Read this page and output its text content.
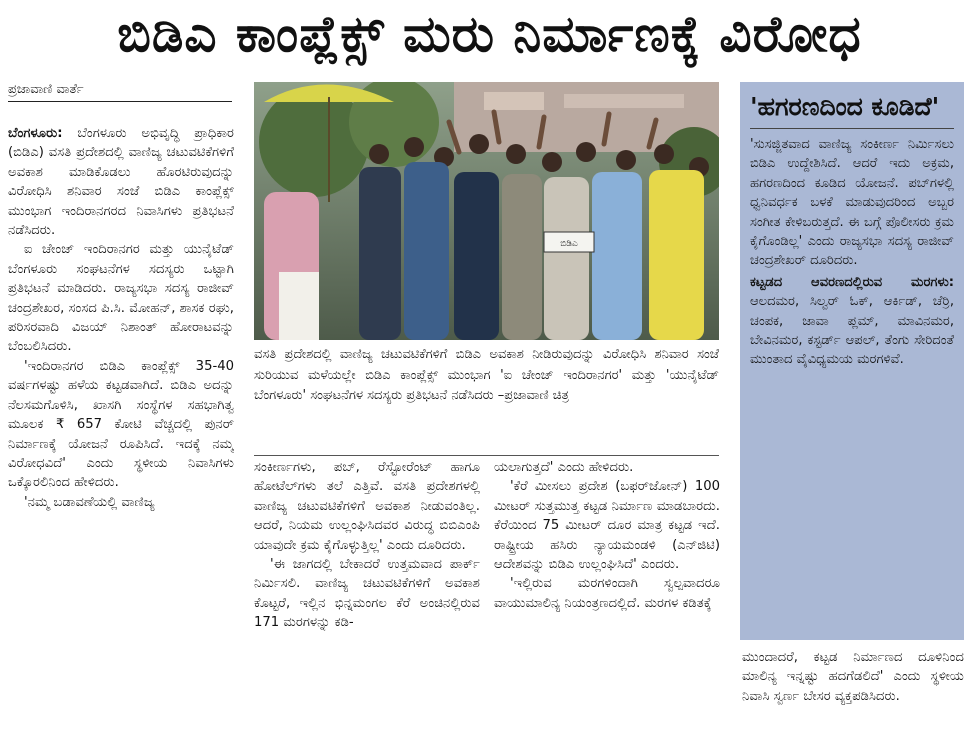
ಬಿಡಿಎ ಕಾಂಪ್ಲೆಕ್ಸ್ ಮರು ನಿರ್ಮಾಣಕ್ಕೆ ವಿರೋಧ
ಪ್ರಜಾವಾಣಿ ವಾರ್ತೆ

ಬೆಂಗಳೂರು: ಬೆಂಗಳೂರು ಅಭಿವೃದ್ಧಿ ಪ್ರಾಧಿಕಾರ (ಬಿಡಿಎ) ವಸತಿ ಪ್ರದೇಶದಲ್ಲಿ ವಾಣಿಜ್ಯ ಚಟುವಟಿಕೆಗಳಿಗೆ ಅವಕಾಶ ಮಾಡಿಕೊಡಲು ಹೊರಟಿರುವುದನ್ನು ವಿರೋಧಿಸಿ ಶನಿವಾರ ಸಂಜೆ ಬಿಡಿಎ ಕಾಂಪ್ಲೆಕ್ಸ್ ಮುಂಭಾಗ ಇಂದಿರಾನಗರದ ನಿವಾಸಿಗಳು ಪ್ರತಿಭಟನೆ ನಡೆಸಿದರು.

ಐ ಚೇಂಜ್ ಇಂದಿರಾನಗರ ಮತ್ತು ಯುನೈಟೆಡ್ ಬೆಂಗಳೂರು ಸಂಘಟನೆಗಳ ಸದಸ್ಯರು ಒಟ್ಟಾಗಿ ಪ್ರತಿಭಟನೆ ಮಾಡಿದರು. ರಾಜ್ಯಸಭಾ ಸದಸ್ಯ ರಾಜೀವ್ ಚಂದ್ರಶೇಖರ, ಸಂಸದ ಪಿ.ಸಿ. ಮೋಹನ್, ಶಾಸಕ ರಘು, ಪರಿಸರವಾದಿ ವಿಜಯ್ ನಿಶಾಂತ್ ಹೋರಾಟವನ್ನು ಬೆಂಬಲಿಸಿದರು.

'ಇಂದಿರಾನಗರ ಬಿಡಿಎ ಕಾಂಪ್ಲೆಕ್ಸ್ 35-40 ವರ್ಷಗಳಷ್ಟು ಹಳೆಯ ಕಟ್ಟಡವಾಗಿದೆ. ಬಿಡಿಎ ಅದನ್ನು ನೆಲಸಮಗೊಳಿಸಿ, ಖಾಸಗಿ ಸಂಸ್ಥೆಗಳ ಸಹಭಾಗಿತ್ವ ಮೂಲಕ ₹ 657 ಕೋಟಿ ವೆಚ್ಚದಲ್ಲಿ ಪುನರ್ ನಿರ್ಮಾಣಕ್ಕೆ ಯೋಜನೆ ರೂಪಿಸಿದೆ. ಇದಕ್ಕೆ ನಮ್ಮ ವಿರೋಧವಿದೆ' ಎಂದು ಸ್ಥಳೀಯ ನಿವಾಸಿಗಳು ಒಕ್ಕೊರಲಿನಿಂದ ಹೇಳಿದರು.

'ನಮ್ಮ ಬಡಾವಣೆಯಲ್ಲಿ ವಾಣಿಜ್ಯ

ಬಿಡಿಎ
ವಸತಿ ಪ್ರದೇಶದಲ್ಲಿ ವಾಣಿಜ್ಯ ಚಟುವಟಿಕೆಗಳಿಗೆ ಬಿಡಿಎ ಅವಕಾಶ ನೀಡಿರುವುದನ್ನು ವಿರೋಧಿಸಿ ಶನಿವಾರ ಸಂಜೆ ಸುರಿಯುವ ಮಳೆಯಲ್ಲೇ ಬಿಡಿಎ ಕಾಂಪ್ಲೆಕ್ಸ್ ಮುಂಭಾಗ 'ಐ ಚೇಂಜ್ ಇಂದಿರಾನಗರ' ಮತ್ತು 'ಯುನೈಟೆಡ್ ಬೆಂಗಳೂರು' ಸಂಘಟನೆಗಳ ಸದಸ್ಯರು ಪ್ರತಿಭಟನೆ ನಡೆಸಿದರು –ಪ್ರಜಾವಾಣಿ ಚಿತ್ರ

ಸಂಕೀರ್ಣಗಳು, ಪಬ್, ರೆಸ್ಟೋರೆಂಟ್ ಹಾಗೂ ಹೋಟೆಲ್‌ಗಳು ತಲೆ ಎತ್ತಿವೆ. ವಸತಿ ಪ್ರದೇಶಗಳಲ್ಲಿ ವಾಣಿಜ್ಯ ಚಟುವಟಿಕೆಗಳಿಗೆ ಅವಕಾಶ ನೀಡುವಂತಿಲ್ಲ. ಆದರೆ, ನಿಯಮ ಉಲ್ಲಂಘಿಸಿದವರ ವಿರುದ್ಧ ಬಿಬಿಎಂಪಿ ಯಾವುದೇ ಕ್ರಮ ಕೈಗೊಳ್ಳುತ್ತಿಲ್ಲ' ಎಂದು ದೂರಿದರು.

'ಈ ಜಾಗದಲ್ಲಿ ಬೇಕಾದರೆ ಉತ್ತಮವಾದ ಪಾರ್ಕ್ ನಿರ್ಮಿಸಲಿ. ವಾಣಿಜ್ಯ ಚಟುವಟಿಕೆಗಳಿಗೆ ಅವಕಾಶ ಕೊಟ್ಟರೆ, ಇಲ್ಲಿನ ಭಿನ್ನಮಂಗಲ ಕೆರೆ ಅಂಚಿನಲ್ಲಿರುವ 171 ಮರಗಳನ್ನು ಕಡಿ-

ಯಲಾಗುತ್ತದೆ' ಎಂದು ಹೇಳಿದರು.

'ಕೆರೆ ಮೀಸಲು ಪ್ರದೇಶ (ಬಫರ್‌ಜೋನ್) 100 ಮೀಟರ್ ಸುತ್ತಮುತ್ತ ಕಟ್ಟಡ ನಿರ್ಮಾಣ ಮಾಡಬಾರದು. ಕೆರೆಯಿಂದ 75 ಮೀಟರ್ ದೂರ ಮಾತ್ರ ಕಟ್ಟಡ ಇದೆ. ರಾಷ್ಟ್ರೀಯ ಹಸಿರು ನ್ಯಾಯಮಂಡಳಿ (ಎನ್‌ಜಿಟಿ) ಆದೇಶವನ್ನು ಬಿಡಿಎ ಉಲ್ಲಂಘಿಸಿದೆ' ಎಂದರು.

'ಇಲ್ಲಿರುವ ಮರಗಳಿಂದಾಗಿ ಸ್ವಲ್ಪವಾದರೂ ವಾಯುಮಾಲಿನ್ಯ ನಿಯಂತ್ರಣದಲ್ಲಿದೆ. ಮರಗಳ ಕಡಿತಕ್ಕೆ

'ಹಗರಣದಿಂದ ಕೂಡಿದೆ'

'ಸುಸಜ್ಜಿತವಾದ ವಾಣಿಜ್ಯ ಸಂಕೀರ್ಣ ನಿರ್ಮಿಸಲು ಬಿಡಿಎ ಉದ್ದೇಶಿಸಿದೆ. ಆದರೆ ಇದು ಅಕ್ರಮ, ಹಗರಣದಿಂದ ಕೂಡಿದ ಯೋಜನೆ. ಪಬ್‌ಗಳಲ್ಲಿ ಧ್ವನಿವರ್ಧಕ ಬಳಕೆ ಮಾಡುವುದರಿಂದ ಅಬ್ಬರ ಸಂಗೀತ ಕೇಳಿಬರುತ್ತದೆ. ಈ ಬಗ್ಗೆ ಪೊಲೀಸರು ಕ್ರಮ ಕೈಗೊಂಡಿಲ್ಲ' ಎಂದು ರಾಜ್ಯಸಭಾ ಸದಸ್ಯ ರಾಜೀವ್ ಚಂದ್ರಶೇಖರ್ ದೂರಿದರು.

ಕಟ್ಟಡದ ಆವರಣದಲ್ಲಿರುವ ಮರಗಳು: ಆಲದಮರ, ಸಿಲ್ವರ್ ಓಕ್, ಆರ್ಕಿಡ್, ಚೆರ್ರಿ, ಚಂಪಕ, ಜಾವಾ ಪ್ಲಮ್, ಮಾವಿನಮರ, ಬೇವಿನಮರ, ಕಸ್ಟರ್ಡ್ ಆಪಲ್, ತೆಂಗು ಸೇರಿದಂತೆ ಮುಂತಾದ ವೈವಿಧ್ಯಮಯ ಮರಗಳಿವೆ.

ಮುಂದಾದರೆ, ಕಟ್ಟಡ ನಿರ್ಮಾಣದ ದೂಳಿನಿಂದ ಮಾಲಿನ್ಯ ಇನ್ನಷ್ಟು ಹದಗೆಡಲಿದೆ' ಎಂದು ಸ್ಥಳೀಯ ನಿವಾಸಿ ಸ್ವರ್ಣ ಬೇಸರ ವ್ಯಕ್ತಪಡಿಸಿದರು.
